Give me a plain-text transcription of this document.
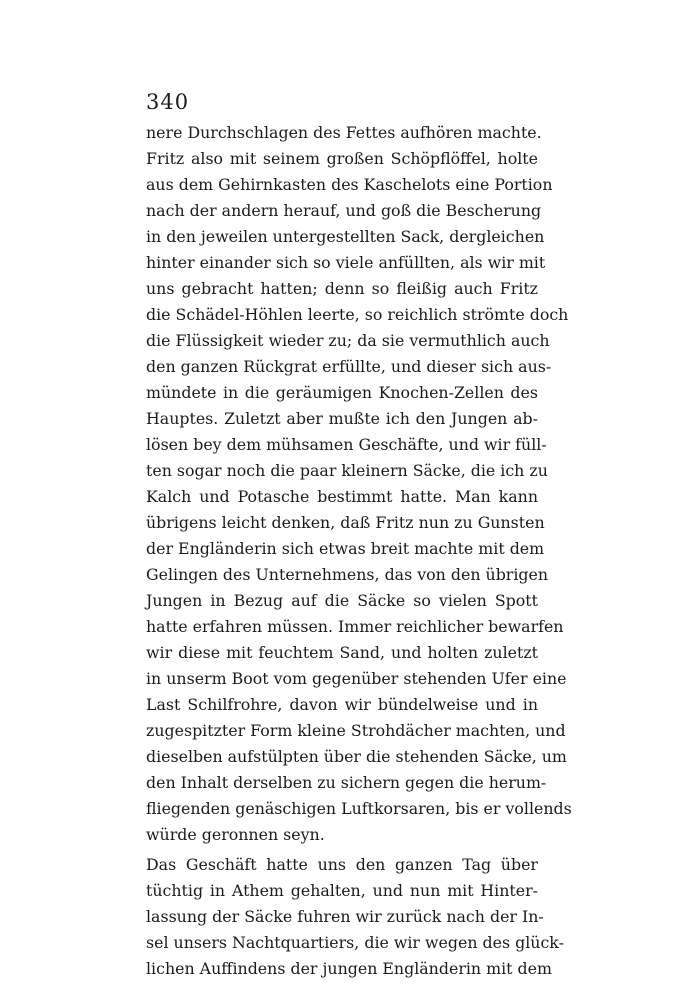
340
nere Durchschlagen des Fettes aufhören machte.
Fritz also mit seinem großen Schöpflöffel, holte
aus dem Gehirnkasten des Kaschelots eine Portion
nach der andern herauf, und goß die Bescherung
in den jeweilen untergestellten Sack, dergleichen
hinter einander sich so viele anfüllten, als wir mit
uns gebracht hatten; denn so fleißig auch Fritz
die Schädel-Höhlen leerte, so reichlich strömte doch
die Flüssigkeit wieder zu; da sie vermuthlich auch
den ganzen Rückgrat erfüllte, und dieser sich aus-
mündete in die geräumigen Knochen-Zellen des
Hauptes. Zuletzt aber mußte ich den Jungen ab-
lösen bey dem mühsamen Geschäfte, und wir füll-
ten sogar noch die paar kleinern Säcke, die ich zu
Kalch und Potasche bestimmt hatte. Man kann
übrigens leicht denken, daß Fritz nun zu Gunsten
der Engländerin sich etwas breit machte mit dem
Gelingen des Unternehmens, das von den übrigen
Jungen in Bezug auf die Säcke so vielen Spott
hatte erfahren müssen. Immer reichlicher bewarfen
wir diese mit feuchtem Sand, und holten zuletzt
in unserm Boot vom gegenüber stehenden Ufer eine
Last Schilfrohre, davon wir bündelweise und in
zugespitzter Form kleine Strohdächer machten, und
dieselben aufstülpten über die stehenden Säcke, um
den Inhalt derselben zu sichern gegen die herum-
fliegenden genäschigen Luftkorsaren, bis er vollends
würde geronnen seyn.
Das Geschäft hatte uns den ganzen Tag über
tüchtig in Athem gehalten, und nun mit Hinter-
lassung der Säcke fuhren wir zurück nach der In-
sel unsers Nachtquartiers, die wir wegen des glück-
lichen Auffindens der jungen Engländerin mit dem
